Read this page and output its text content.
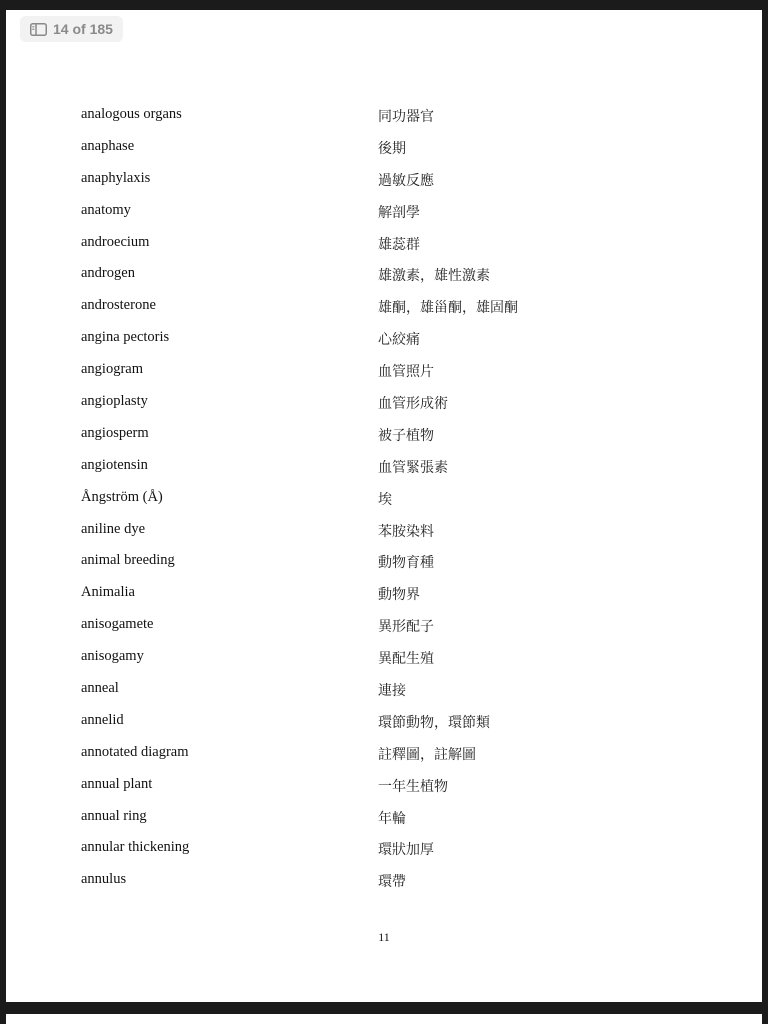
14 of 185
analogous organs	同功器官
anaphase	後期
anaphylaxis	過敏反應
anatomy	解剖學
androecium	雄蕊群
androgen	雄激素，雄性激素
androsterone	雄酮，雄甾酮，雄固酮
angina pectoris	心絞痛
angiogram	血管照片
angioplasty	血管形成術
angiosperm	被子植物
angiotensin	血管緊張素
Ångström (Å)	埃
aniline dye	苯胺染料
animal breeding	動物育種
Animalia	動物界
anisogamete	異形配子
anisogamy	異配生殖
anneal	連接
annelid	環節動物，環節類
annotated diagram	註釋圖，註解圖
annual plant	一年生植物
annual ring	年輪
annular thickening	環狀加厚
annulus	環帶
11
